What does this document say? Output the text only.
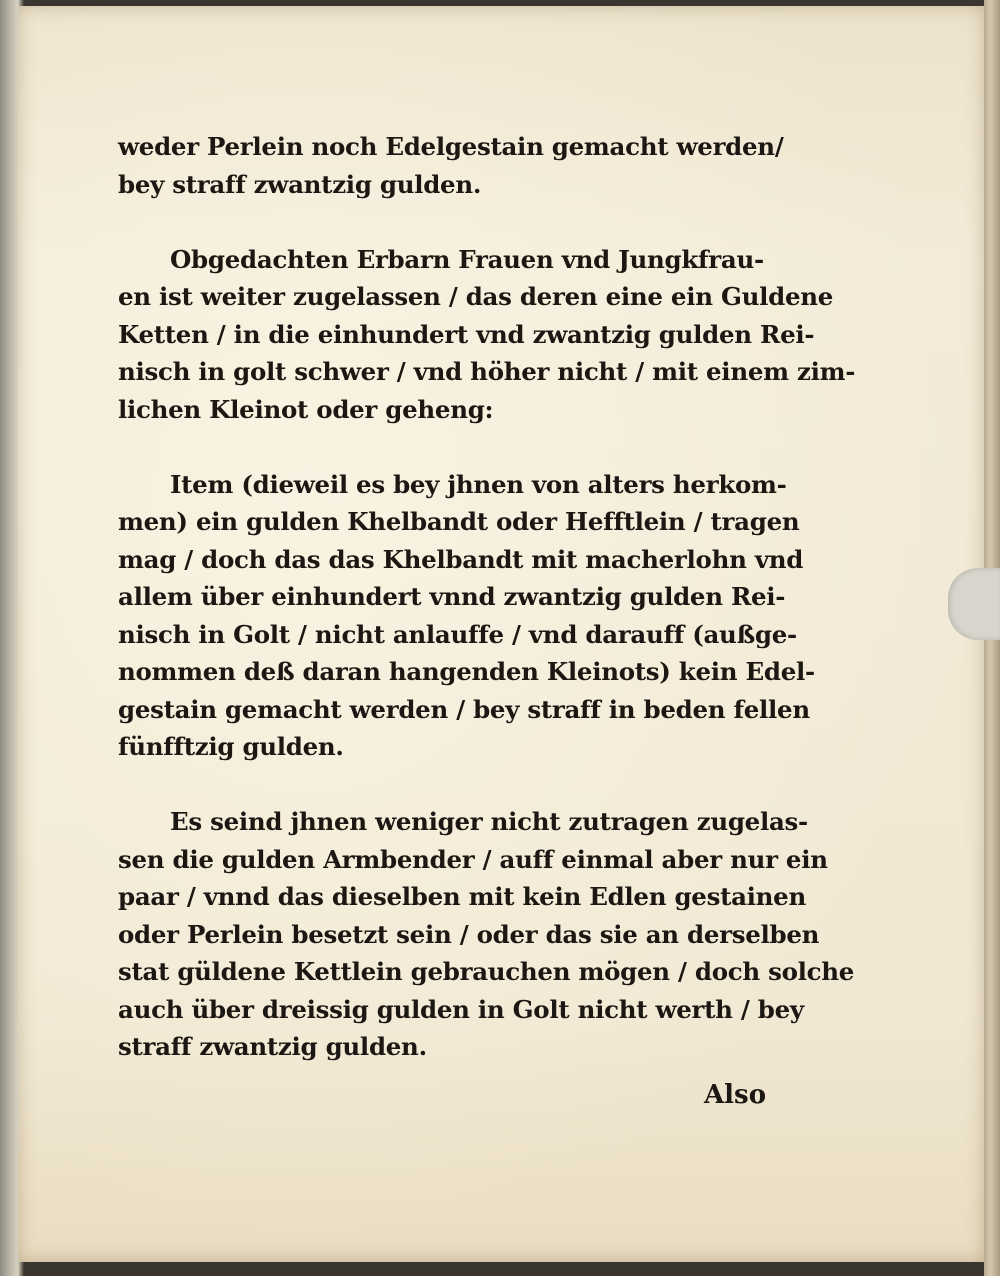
weder Perlein noch Edelgestain gemacht werden/
bey straff zwantzig gulden.
Obgedachten Erbarn Frauen vnd Jungkfrau-
en ist weiter zugelassen / das deren eine ein Guldene
Ketten / in die einhundert vnd zwantzig gulden Rei-
nisch in golt schwer / vnd höher nicht / mit einem zim-
lichen Kleinot oder geheng:
Item (dieweil es bey jhnen von alters herkom-
men) ein gulden Khelbandt oder Hefftlein / tragen
mag / doch das das Khelbandt mit macherlohn vnd
allem über einhundert vnnd zwantzig gulden Rei-
nisch in Golt / nicht anlauffe / vnd darauff (außge-
nommen deß daran hangenden Kleinots) kein Edel-
gestain gemacht werden / bey straff in beden fellen
fünfftzig gulden.
Es seind jhnen weniger nicht zutragen zugelas-
sen die gulden Armbender / auff einmal aber nur ein
paar / vnnd das dieselben mit kein Edlen gestainen
oder Perlein besetzt sein / oder das sie an derselben
stat güldene Kettlein gebrauchen mögen / doch solche
auch über dreissig gulden in Golt nicht werth / bey
straff zwantzig gulden.
Also
